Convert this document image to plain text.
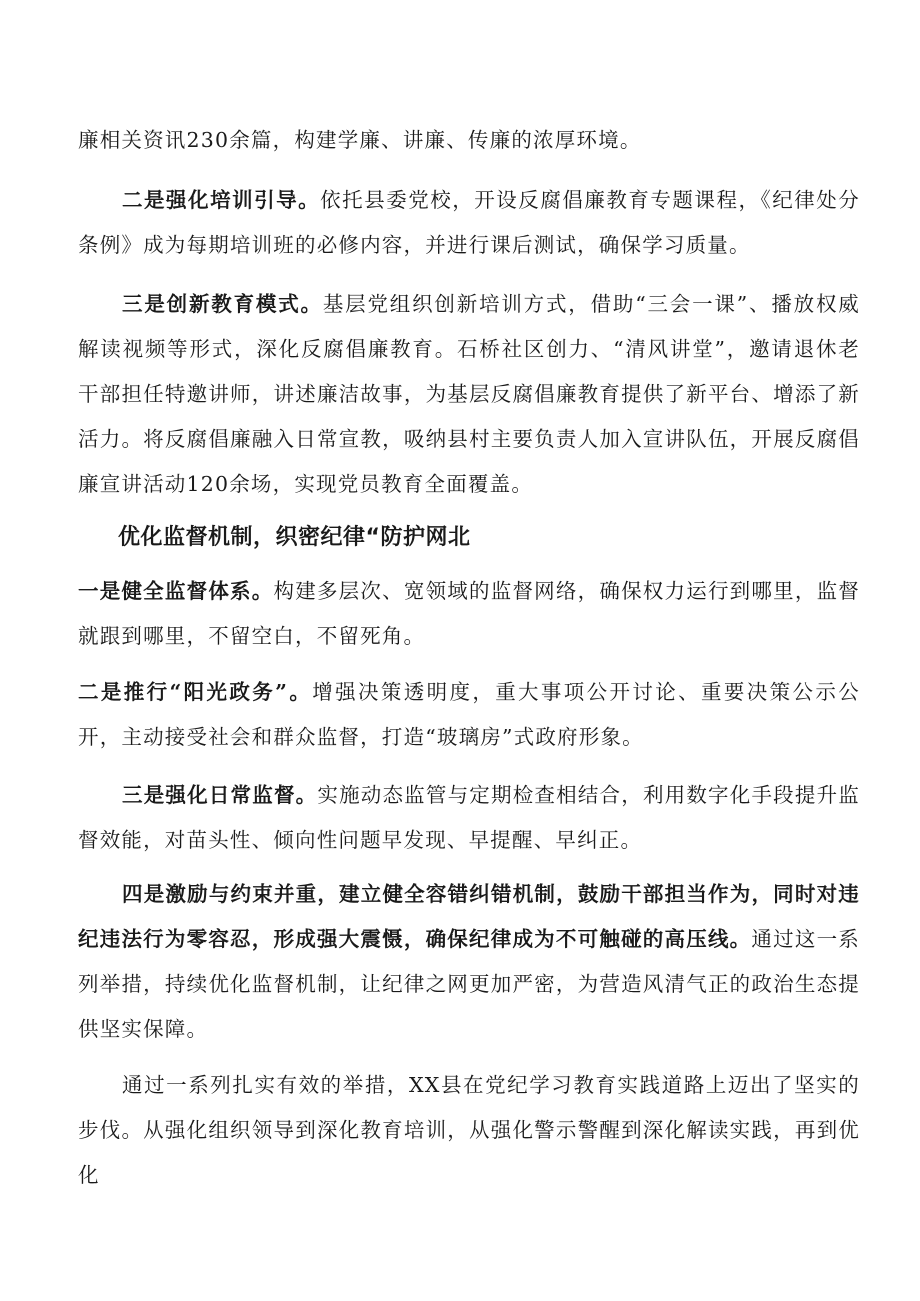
廉相关资讯230余篇，构建学廉、讲廉、传廉的浓厚环境。

二是强化培训引导。依托县委党校，开设反腐倡廉教育专题课程，《纪律处分条例》成为每期培训班的必修内容，并进行课后测试，确保学习质量。

三是创新教育模式。基层党组织创新培训方式，借助“三会一课”、播放权威解读视频等形式，深化反腐倡廉教育。石桥社区创力、“清风讲堂”，邀请退休老干部担任特邀讲师，讲述廉洁故事，为基层反腐倡廉教育提供了新平台、增添了新活力。将反腐倡廉融入日常宣教，吸纳县村主要负责人加入宣讲队伍，开展反腐倡廉宣讲活动120余场，实现党员教育全面覆盖。

优化监督机制，织密纪律“防护网北

一是健全监督体系。构建多层次、宽领域的监督网络，确保权力运行到哪里，监督就跟到哪里，不留空白，不留死角。

二是推行“阳光政务”。增强决策透明度，重大事项公开讨论、重要决策公示公开，主动接受社会和群众监督，打造“玻璃房”式政府形象。

三是强化日常监督。实施动态监管与定期检查相结合，利用数字化手段提升监督效能，对苗头性、倾向性问题早发现、早提醒、早纠正。

四是激励与约束并重，建立健全容错纠错机制，鼓励干部担当作为，同时对违纪违法行为零容忍，形成强大震慑，确保纪律成为不可触碰的高压线。通过这一系列举措，持续优化监督机制，让纪律之网更加严密，为营造风清气正的政治生态提供坚实保障。

通过一系列扎实有效的举措，XX县在党纪学习教育实践道路上迈出了坚实的步伐。从强化组织领导到深化教育培训，从强化警示警醒到深化解读实践，再到优化
